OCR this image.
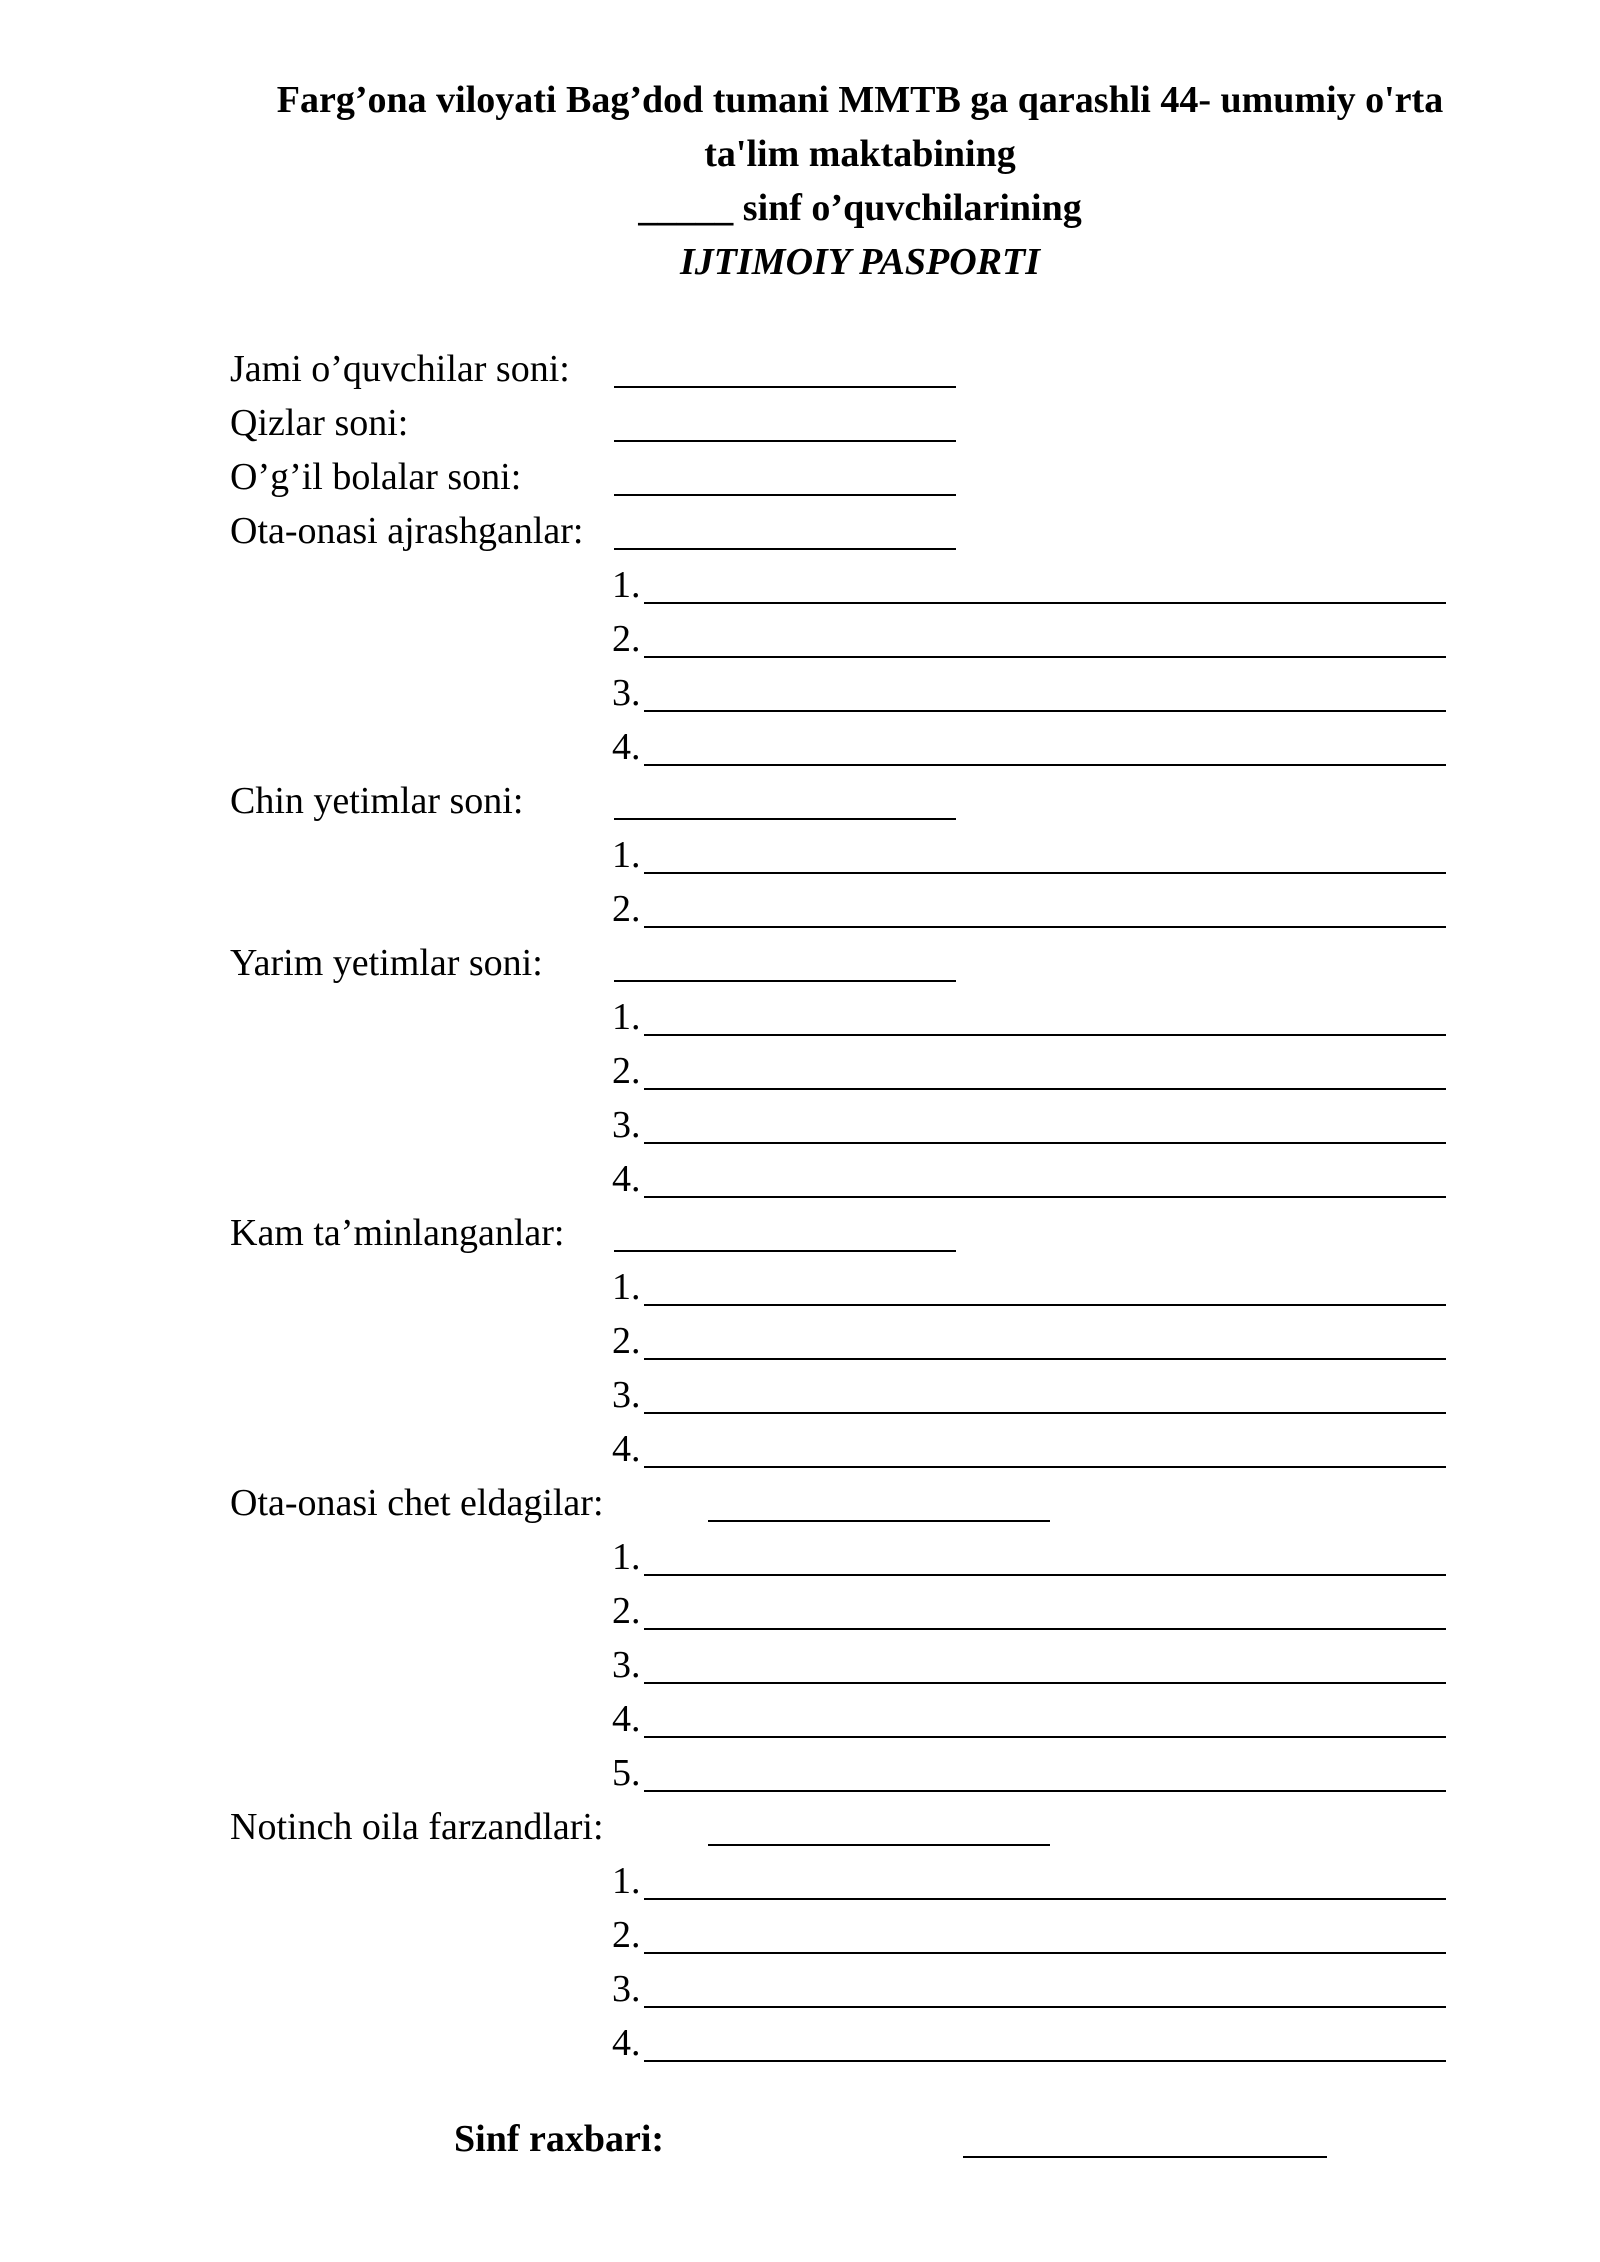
Farg’ona viloyati Bag’dod tumani MMTB ga qarashli 44- umumiy o'rta
ta'lim maktabining
_____ sinf o’quvchilarining
IJTIMOIY PASPORTI
Jami o’quvchilar soni:
Qizlar soni:
O’g’il bolalar soni:
Ota-onasi ajrashganlar:
1.
2.
3.
4.
Chin yetimlar soni:
1.
2.
Yarim yetimlar soni:
1.
2.
3.
4.
Kam ta’minlanganlar:
1.
2.
3.
4.
Ota-onasi chet eldagilar:
1.
2.
3.
4.
5.
Notinch oila farzandlari:
1.
2.
3.
4.
Sinf raxbari:
